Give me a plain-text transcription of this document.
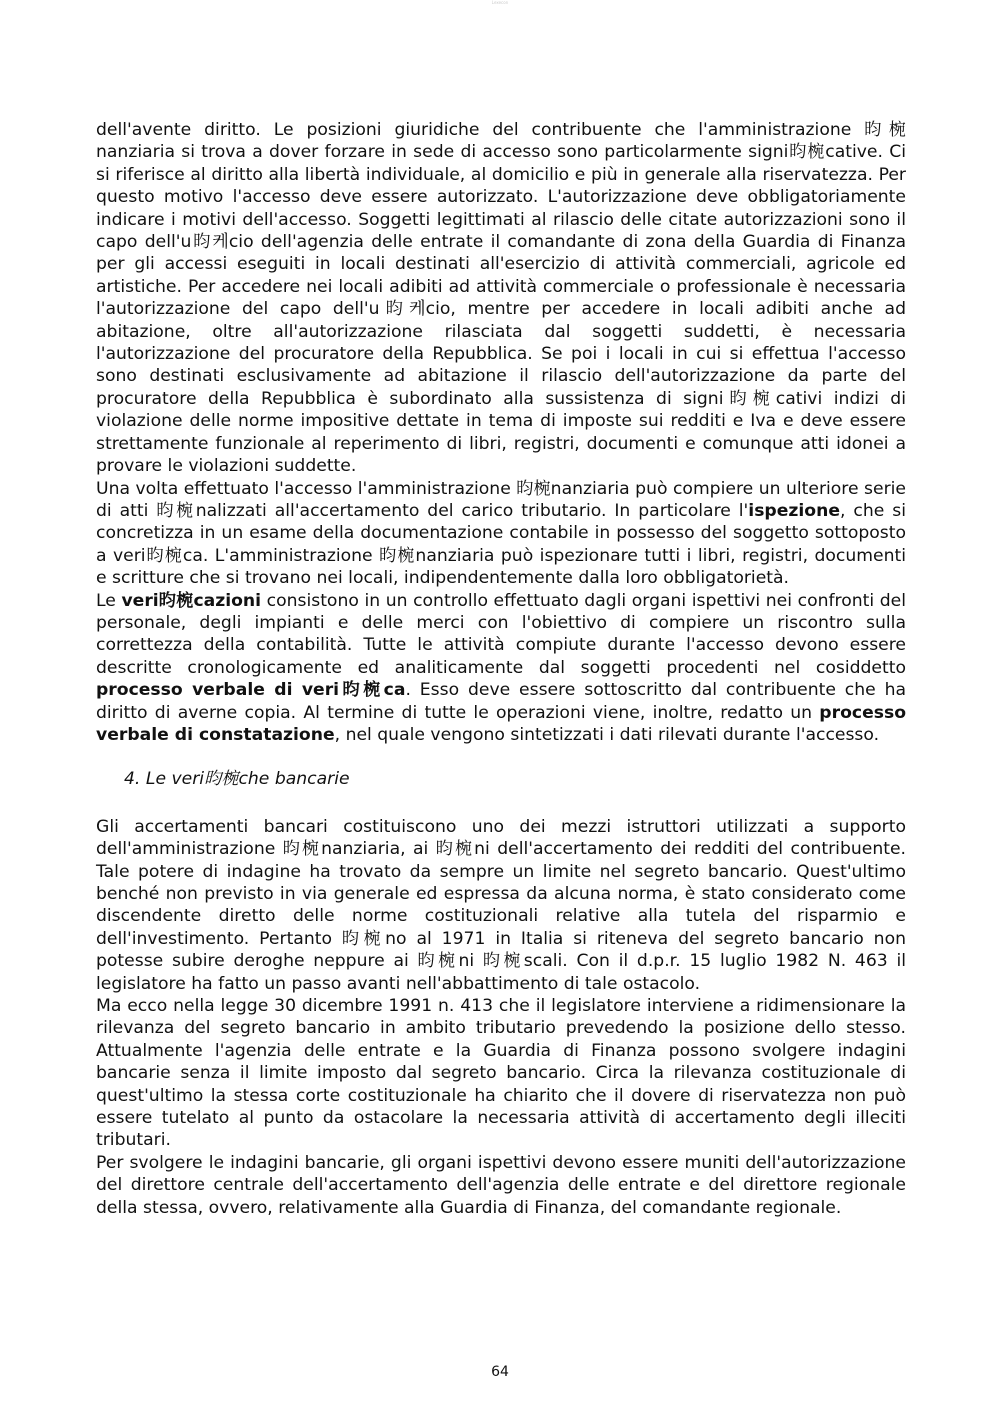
Lexecon

dell'avente diritto. Le posizioni giuridiche del contribuente che l'amministrazione 昀椀nanziaria si trova a dover forzare in sede di accesso sono particolarmente signi昀椀cative. Ci si riferisce al diritto alla libertà individuale, al domicilio e più in generale alla riservatezza. Per questo motivo l'accesso deve essere autorizzato. L'autorizzazione deve obbligatoriamente indicare i motivi dell'accesso. Soggetti legittimati al rilascio delle citate autorizzazioni sono il capo dell'u昀케cio dell'agenzia delle entrate il comandante di zona della Guardia di Finanza per gli accessi eseguiti in locali destinati all'esercizio di attività commerciali, agricole ed artistiche. Per accedere nei locali adibiti ad attività commerciale o professionale è necessaria l'autorizzazione del capo dell'u昀케cio, mentre per accedere in locali adibiti anche ad abitazione, oltre all'autorizzazione rilasciata dal soggetti suddetti, è necessaria l'autorizzazione del procuratore della Repubblica. Se poi i locali in cui si effettua l'accesso sono destinati esclusivamente ad abitazione il rilascio dell'autorizzazione da parte del procuratore della Repubblica è subordinato alla sussistenza di signi昀椀cativi indizi di violazione delle norme impositive dettate in tema di imposte sui redditi e Iva e deve essere strettamente funzionale al reperimento di libri, registri, documenti e comunque atti idonei a provare le violazioni suddette.

Una volta effettuato l'accesso l'amministrazione 昀椀nanziaria può compiere un ulteriore serie di atti 昀椀nalizzati all'accertamento del carico tributario. In particolare l'ispezione, che si concretizza in un esame della documentazione contabile in possesso del soggetto sottoposto a veri昀椀ca. L'amministrazione 昀椀nanziaria può ispezionare tutti i libri, registri, documenti e scritture che si trovano nei locali, indipendentemente dalla loro obbligatorietà.

Le veri昀椀cazioni consistono in un controllo effettuato dagli organi ispettivi nei confronti del personale, degli impianti e delle merci con l'obiettivo di compiere un riscontro sulla correttezza della contabilità. Tutte le attività compiute durante l'accesso devono essere descritte cronologicamente ed analiticamente dal soggetti procedenti nel cosiddetto processo verbale di veri昀椀ca. Esso deve essere sottoscritto dal contribuente che ha diritto di averne copia. Al termine di tutte le operazioni viene, inoltre, redatto un processo verbale di constatazione, nel quale vengono sintetizzati i dati rilevati durante l'accesso.

4. Le veri昀椀che bancarie

Gli accertamenti bancari costituiscono uno dei mezzi istruttori utilizzati a supporto dell'amministrazione 昀椀nanziaria, ai 昀椀ni dell'accertamento dei redditi del contribuente. Tale potere di indagine ha trovato da sempre un limite nel segreto bancario. Quest'ultimo benché non previsto in via generale ed espressa da alcuna norma, è stato considerato come discendente diretto delle norme costituzionali relative alla tutela del risparmio e dell'investimento. Pertanto 昀椀no al 1971 in Italia si riteneva del segreto bancario non potesse subire deroghe neppure ai 昀椀ni 昀椀scali. Con il d.p.r. 15 luglio 1982 N. 463 il legislatore ha fatto un passo avanti nell'abbattimento di tale ostacolo.

Ma ecco nella legge 30 dicembre 1991 n. 413 che il legislatore interviene a ridimensionare la rilevanza del segreto bancario in ambito tributario prevedendo la posizione dello stesso. Attualmente l'agenzia delle entrate e la Guardia di Finanza possono svolgere indagini bancarie senza il limite imposto dal segreto bancario. Circa la rilevanza costituzionale di quest'ultimo la stessa corte costituzionale ha chiarito che il dovere di riservatezza non può essere tutelato al punto da ostacolare la necessaria attività di accertamento degli illeciti tributari.

Per svolgere le indagini bancarie, gli organi ispettivi devono essere muniti dell'autorizzazione del direttore centrale dell'accertamento dell'agenzia delle entrate e del direttore regionale della stessa, ovvero, relativamente alla Guardia di Finanza, del comandante regionale.

64
